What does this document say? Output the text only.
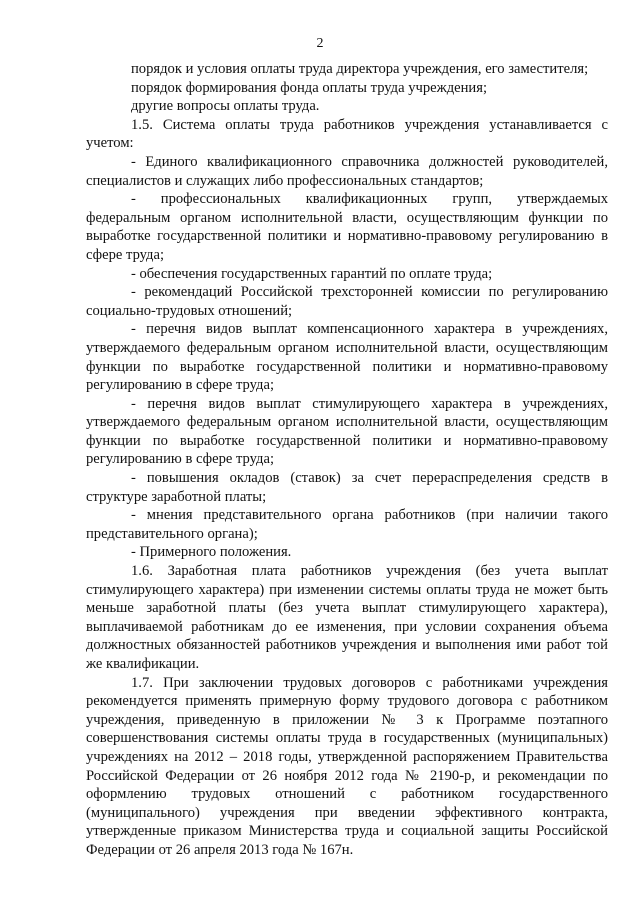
2

порядок и условия оплаты труда директора учреждения, его заместителя;

порядок формирования фонда оплаты труда учреждения;

другие вопросы оплаты труда.

1.5. Система оплаты труда работников учреждения устанавливается с учетом:

- Единого квалификационного справочника должностей руководителей, специалистов и служащих либо профессиональных стандартов;

- профессиональных квалификационных групп, утверждаемых федеральным органом исполнительной власти, осуществляющим функции по выработке государственной политики и нормативно-правовому регулированию в сфере труда;

- обеспечения государственных гарантий по оплате труда;

- рекомендаций Российской трехсторонней комиссии по регулированию социально-трудовых отношений;

- перечня видов выплат компенсационного характера в учреждениях, утверждаемого федеральным органом исполнительной власти, осуществляющим функции по выработке государственной политики и нормативно-правовому регулированию в сфере труда;

- перечня видов выплат стимулирующего характера в учреждениях, утверждаемого федеральным органом исполнительной власти, осуществляющим функции по выработке государственной политики и нормативно-правовому регулированию в сфере труда;

- повышения окладов (ставок) за счет перераспределения средств в структуре заработной платы;

- мнения представительного органа работников (при наличии такого представительного органа);

- Примерного положения.

1.6. Заработная плата работников учреждения (без учета выплат стимулирующего характера) при изменении системы оплаты труда не может быть меньше заработной платы (без учета выплат стимулирующего характера), выплачиваемой работникам до ее изменения, при условии сохранения объема должностных обязанностей работников учреждения и выполнения ими работ той же квалификации.

1.7. При заключении трудовых договоров с работниками учреждения рекомендуется применять примерную форму трудового договора с работником учреждения, приведенную в приложении № 3 к Программе поэтапного совершенствования системы оплаты труда в государственных (муниципальных) учреждениях на 2012 – 2018 годы, утвержденной распоряжением Правительства Российской Федерации от 26 ноября 2012 года № 2190-р, и рекомендации по оформлению трудовых отношений с работником государственного (муниципального) учреждения при введении эффективного контракта, утвержденные приказом Министерства труда и социальной защиты Российской Федерации от 26 апреля 2013 года № 167н.
